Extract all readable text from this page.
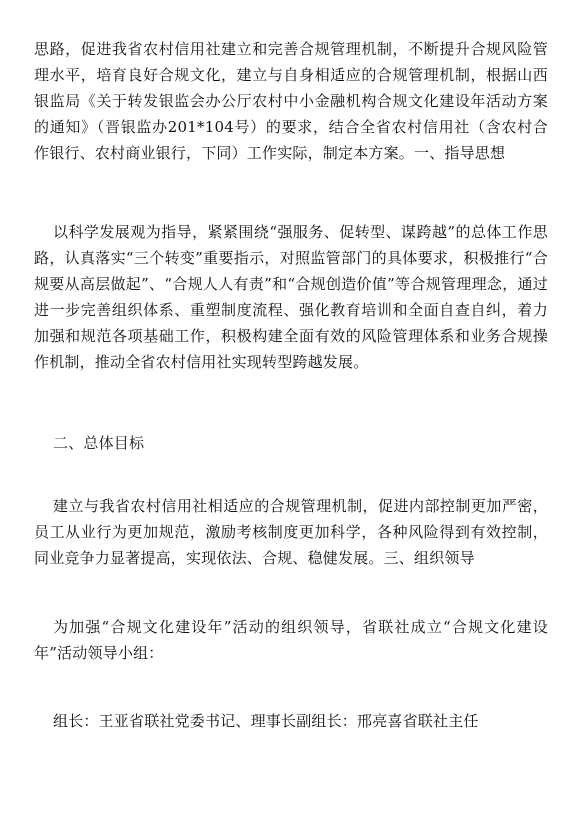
思路，促进我省农村信用社建立和完善合规管理机制，不断提升合规风险管理水平，培育良好合规文化，建立与自身相适应的合规管理机制，根据山西银监局《关于转发银监会办公厅农村中小金融机构合规文化建设年活动方案的通知》（晋银监办201*104号）的要求，结合全省农村信用社（含农村合作银行、农村商业银行，下同）工作实际，制定本方案。一、指导思想

以科学发展观为指导，紧紧围绕“强服务、促转型、谋跨越”的总体工作思路，认真落实“三个转变”重要指示，对照监管部门的具体要求，积极推行“合规要从高层做起”、“合规人人有责”和“合规创造价值”等合规管理理念，通过进一步完善组织体系、重塑制度流程、强化教育培训和全面自查自纠，着力加强和规范各项基础工作，积极构建全面有效的风险管理体系和业务合规操作机制，推动全省农村信用社实现转型跨越发展。

二、总体目标

建立与我省农村信用社相适应的合规管理机制，促进内部控制更加严密，员工从业行为更加规范，激励考核制度更加科学，各种风险得到有效控制，同业竞争力显著提高，实现依法、合规、稳健发展。三、组织领导

为加强“合规文化建设年”活动的组织领导，省联社成立“合规文化建设年”活动领导小组：

组长：王亚省联社党委书记、理事长副组长：邢亮喜省联社主任
